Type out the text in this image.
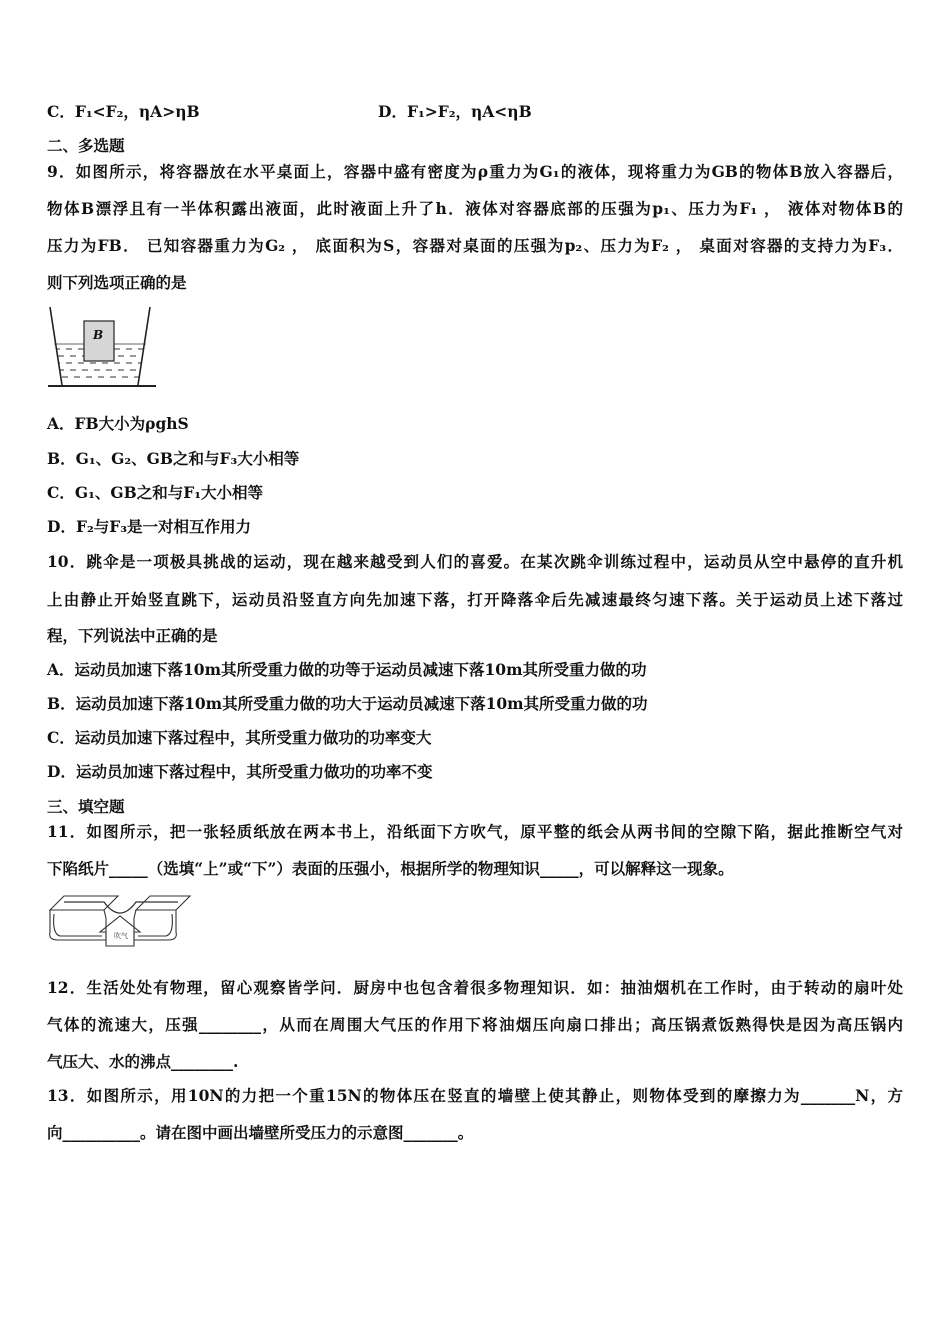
C．F₁<F₂，ηA>ηB	D．F₁>F₂，ηA<ηB
二、多选题
9．如图所示，将容器放在水平桌面上，容器中盛有密度为ρ重力为G₁的液体，现将重力为GB的物体B放入容器后，
物体B漂浮且有一半体积露出液面，此时液面上升了h．液体对容器底部的压强为p₁、压力为F₁ ， 液体对物体B的
压力为FB． 已知容器重力为G₂ ， 底面积为S，容器对桌面的压强为p₂、压力为F₂ ， 桌面对容器的支持力为F₃．
则下列选项正确的是
B
A．FB大小为ρghS
B．G₁、G₂、GB之和与F₃大小相等
C．G₁、GB之和与F₁大小相等
D．F₂与F₃是一对相互作用力
10．跳伞是一项极具挑战的运动，现在越来越受到人们的喜爱。在某次跳伞训练过程中，运动员从空中悬停的直升机
上由静止开始竖直跳下，运动员沿竖直方向先加速下落，打开降落伞后先减速最终匀速下落。关于运动员上述下落过
程，下列说法中正确的是
A．运动员加速下落10m其所受重力做的功等于运动员减速下落10m其所受重力做的功
B．运动员加速下落10m其所受重力做的功大于运动员减速下落10m其所受重力做的功
C．运动员加速下落过程中，其所受重力做功的功率变大
D．运动员加速下落过程中，其所受重力做功的功率不变
三、填空题
11．如图所示，把一张轻质纸放在两本书上，沿纸面下方吹气，原平整的纸会从两书间的空隙下陷，据此推断空气对
下陷纸片_____（选填“上”或“下”）表面的压强小，根据所学的物理知识_____，可以解释这一现象。
吹气
12．生活处处有物理，留心观察皆学问．厨房中也包含着很多物理知识．如：抽油烟机在工作时，由于转动的扇叶处
气体的流速大，压强________，从而在周围大气压的作用下将油烟压向扇口排出；高压锅煮饭熟得快是因为高压锅内
气压大、水的沸点________.
13．如图所示，用10N的力把一个重15N的物体压在竖直的墙壁上使其静止，则物体受到的摩擦力为_______N，方
向__________。请在图中画出墙壁所受压力的示意图_______。
